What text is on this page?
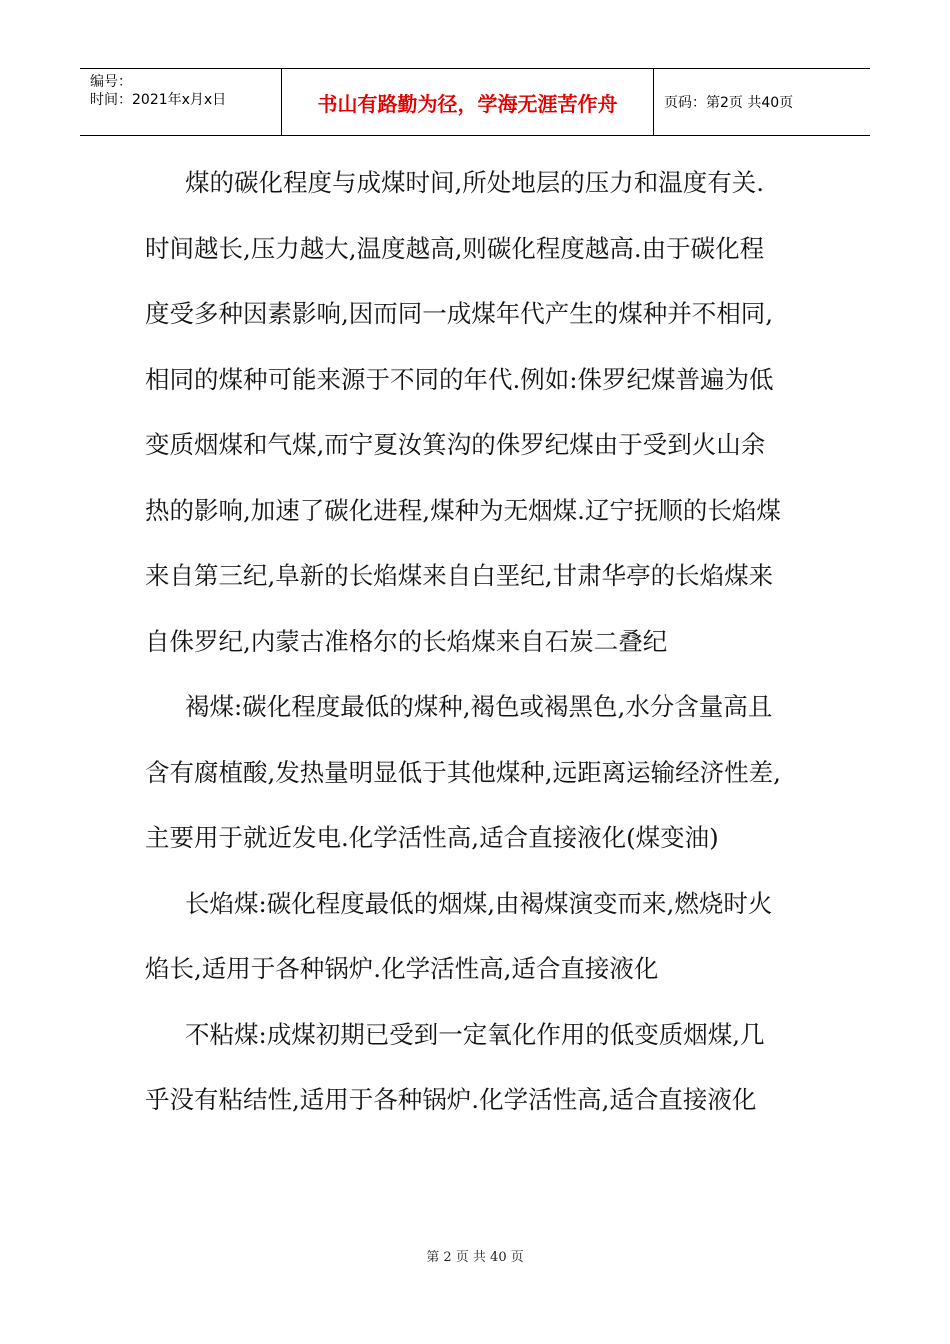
编号：
时间：2021年x月x日	书山有路勤为径，学海无涯苦作舟	页码：第2页 共40页
煤的碳化程度与成煤时间,所处地层的压力和温度有关.
时间越长,压力越大,温度越高,则碳化程度越高.由于碳化程
度受多种因素影响,因而同一成煤年代产生的煤种并不相同,
相同的煤种可能来源于不同的年代.例如:侏罗纪煤普遍为低
变质烟煤和气煤,而宁夏汝箕沟的侏罗纪煤由于受到火山余
热的影响,加速了碳化进程,煤种为无烟煤.辽宁抚顺的长焰煤
来自第三纪,阜新的长焰煤来自白垩纪,甘肃华亭的长焰煤来
自侏罗纪,内蒙古准格尔的长焰煤来自石炭二叠纪
褐煤:碳化程度最低的煤种,褐色或褐黑色,水分含量高且
含有腐植酸,发热量明显低于其他煤种,远距离运输经济性差,
主要用于就近发电.化学活性高,适合直接液化(煤变油)
长焰煤:碳化程度最低的烟煤,由褐煤演变而来,燃烧时火
焰长,适用于各种锅炉.化学活性高,适合直接液化
不粘煤:成煤初期已受到一定氧化作用的低变质烟煤,几
乎没有粘结性,适用于各种锅炉.化学活性高,适合直接液化
第 2 页 共 40 页
